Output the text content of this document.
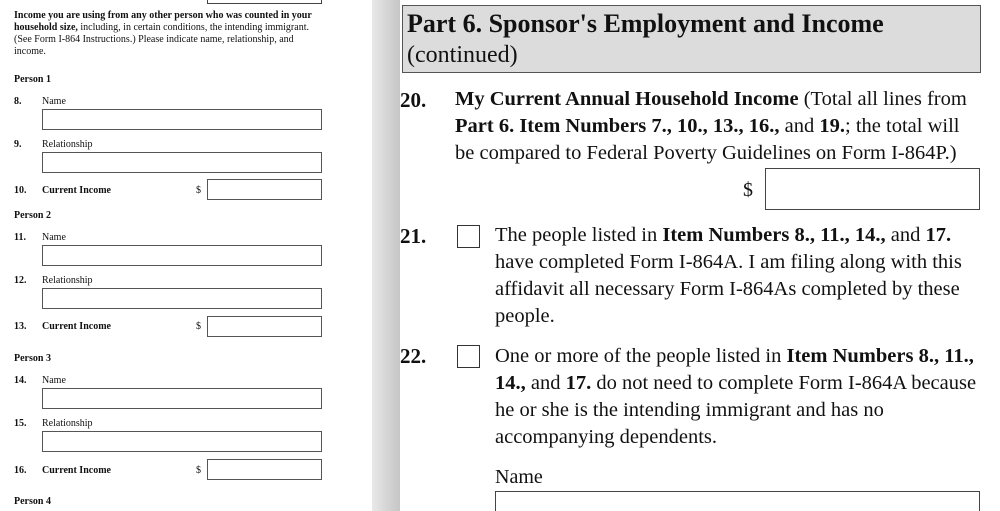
Income you are using from any other person who was counted in your household size, including, in certain conditions, the intending immigrant. (See Form I-864 Instructions.) Please indicate name, relationship, and income.
Person 1
8. Name
9. Relationship
10. Current Income	$
Person 2
11. Name
12. Relationship
13. Current Income	$
Person 3
14. Name
15. Relationship
16. Current Income	$
Person 4
Part 6. Sponsor's Employment and Income
(continued)
20. My Current Annual Household Income (Total all lines from Part 6. Item Numbers 7., 10., 13., 16., and 19.; the total will be compared to Federal Poverty Guidelines on Form I-864P.)
$
21.	The people listed in Item Numbers 8., 11., 14., and 17. have completed Form I-864A. I am filing along with this affidavit all necessary Form I-864As completed by these people.
22.	One or more of the people listed in Item Numbers 8., 11., 14., and 17. do not need to complete Form I-864A because he or she is the intending immigrant and has no accompanying dependents.
Name
